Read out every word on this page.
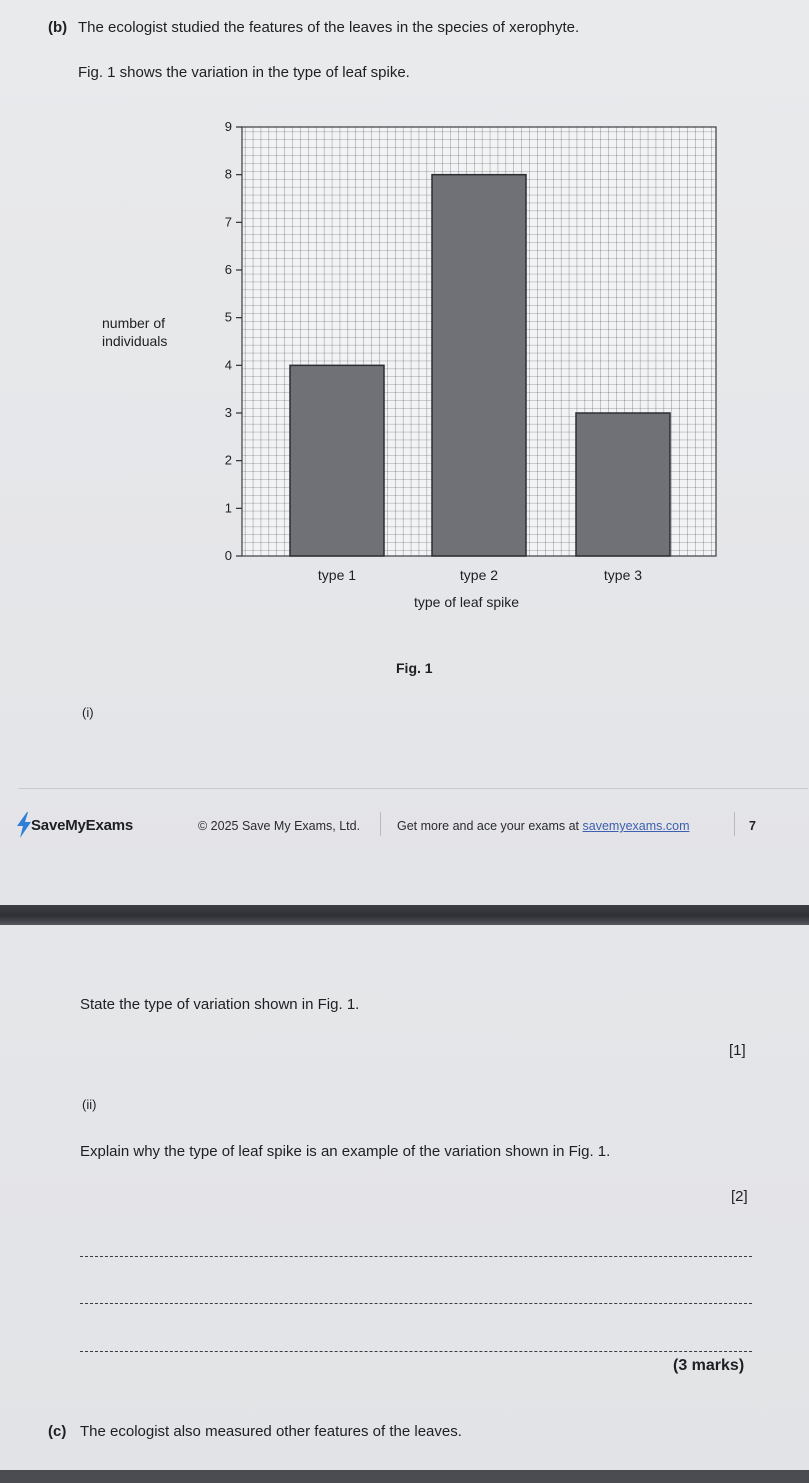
(b) The ecologist studied the features of the leaves in the species of xerophyte.
Fig. 1 shows the variation in the type of leaf spike.
0
1
2
3
4
5
6
7
8
9
number of
individuals
type 1	type 2	type 3
type of leaf spike
Fig. 1
(i)
SaveMyExams	© 2025 Save My Exams, Ltd.	Get more and ace your exams at savemyexams.com	7
State the type of variation shown in Fig. 1.
[1]
(ii)
Explain why the type of leaf spike is an example of the variation shown in Fig. 1.
[2]
(3 marks)
(c) The ecologist also measured other features of the leaves.
